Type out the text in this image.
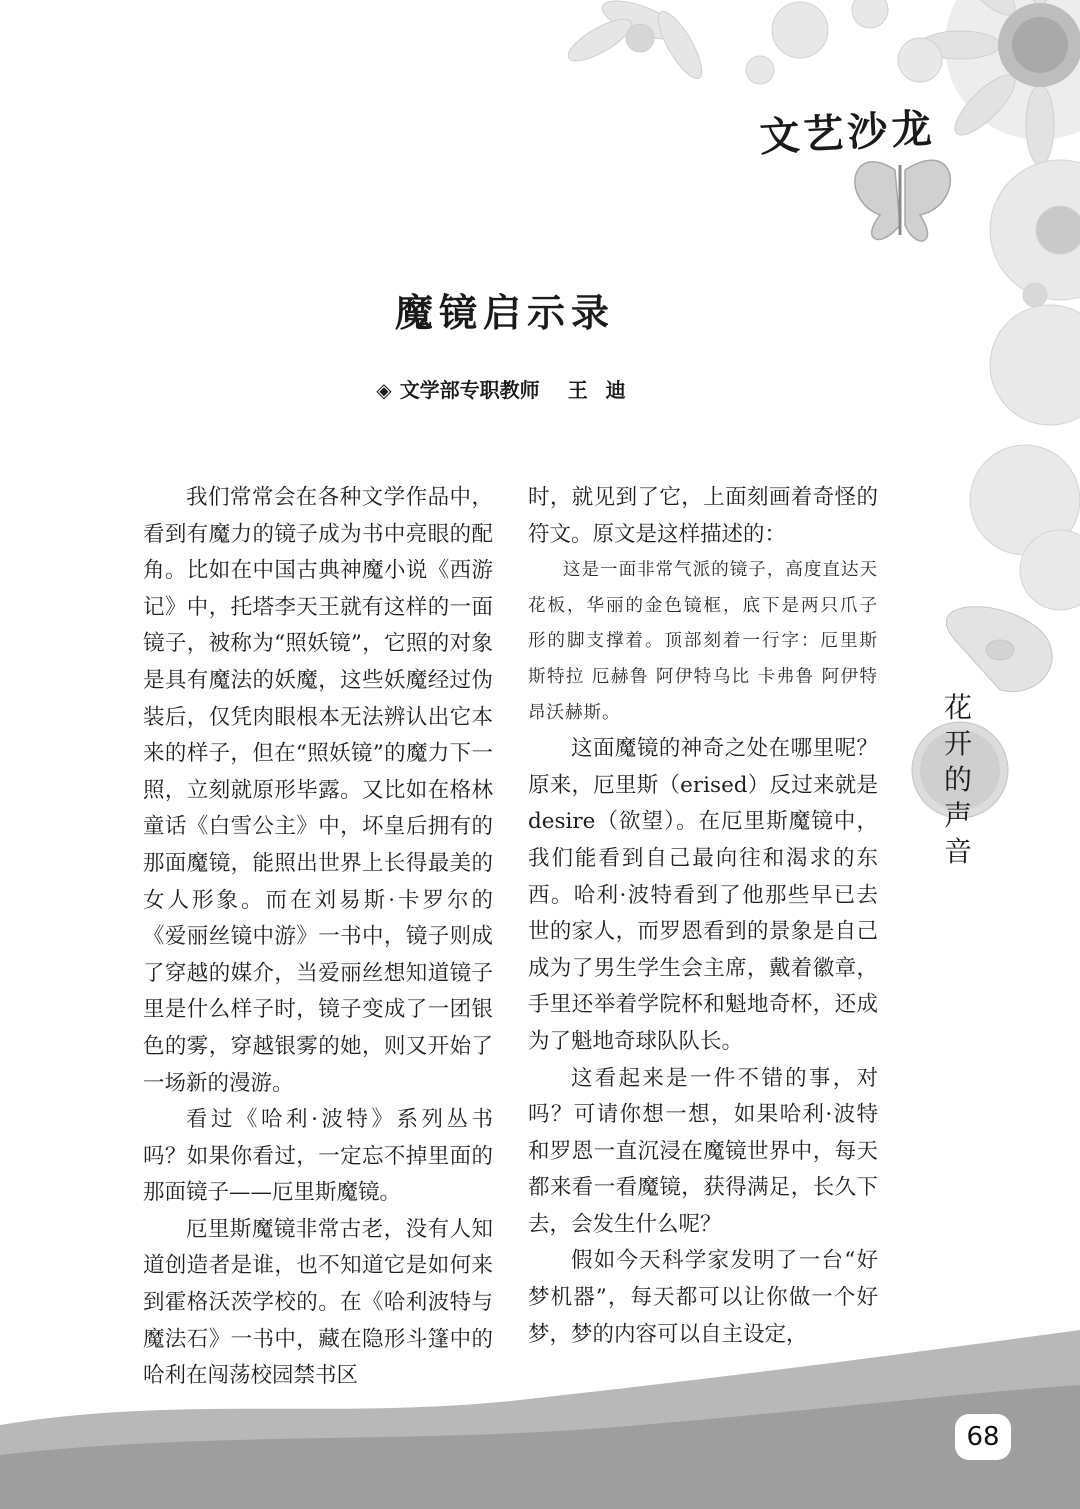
文艺沙龙
魔镜启示录
◈ 文学部专职教师 王迪

我们常常会在各种文学作品中，看到有魔力的镜子成为书中亮眼的配角。比如在中国古典神魔小说《西游记》中，托塔李天王就有这样的一面镜子，被称为“照妖镜”，它照的对象是具有魔法的妖魔，这些妖魔经过伪装后，仅凭肉眼根本无法辨认出它本来的样子，但在“照妖镜”的魔力下一照，立刻就原形毕露。又比如在格林童话《白雪公主》中，坏皇后拥有的那面魔镜，能照出世界上长得最美的女人形象。而在刘易斯·卡罗尔的《爱丽丝镜中游》一书中，镜子则成了穿越的媒介，当爱丽丝想知道镜子里是什么样子时，镜子变成了一团银色的雾，穿越银雾的她，则又开始了一场新的漫游。

看过《哈利·波特》系列丛书吗？如果你看过，一定忘不掉里面的那面镜子——厄里斯魔镜。

厄里斯魔镜非常古老，没有人知道创造者是谁，也不知道它是如何来到霍格沃茨学校的。在《哈利波特与魔法石》一书中，藏在隐形斗篷中的哈利在闯荡校园禁书区

时，就见到了它，上面刻画着奇怪的符文。原文是这样描述的：

这是一面非常气派的镜子，高度直达天花板，华丽的金色镜框，底下是两只爪子形的脚支撑着。顶部刻着一行字：厄里斯 斯特拉 厄赫鲁 阿伊特乌比 卡弗鲁 阿伊特昂沃赫斯。

这面魔镜的神奇之处在哪里呢？原来，厄里斯（erised）反过来就是desire（欲望）。在厄里斯魔镜中，我们能看到自己最向往和渴求的东西。哈利·波特看到了他那些早已去世的家人，而罗恩看到的景象是自己成为了男生学生会主席，戴着徽章，手里还举着学院杯和魁地奇杯，还成为了魁地奇球队队长。

这看起来是一件不错的事，对吗？可请你想一想，如果哈利·波特和罗恩一直沉浸在魔镜世界中，每天都来看一看魔镜，获得满足，长久下去，会发生什么呢？

假如今天科学家发明了一台“好梦机器”，每天都可以让你做一个好梦，梦的内容可以自主设定，

花开的声音
68
